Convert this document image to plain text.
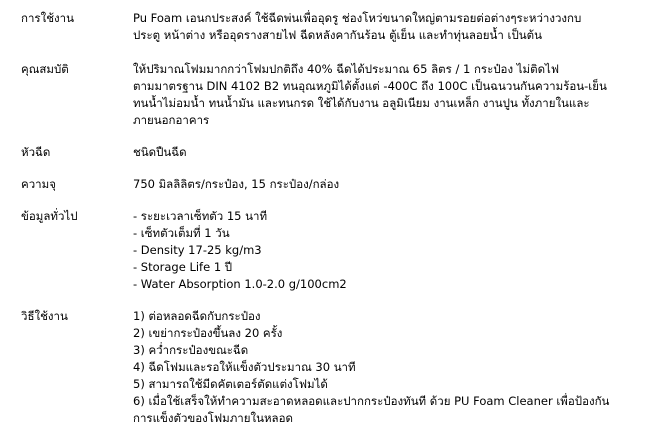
การใช้งาน	Pu Foam เอนกประสงค์ ใช้ฉีดพ่นเพื่ออุดรู ช่องโหว่ขนาดใหญ่ตามรอยต่อต่างๆระหว่างวงกบ
ประตู หน้าต่าง หรืออุดรางสายไฟ ฉีดหลังคากันร้อน ตู้เย็น และทำทุ่นลอยน้ำ เป็นต้น
คุณสมบัติ	ให้ปริมาณโฟมมากกว่าโฟมปกติถึง 40% ฉีดได้ประมาณ 65 ลิตร / 1 กระป๋อง ไม่ติดไฟ
ตามมาตรฐาน DIN 4102 B2 ทนอุณหภูมิได้ตั้งแต่ -400C ถึง 100C เป็นฉนวนกันความร้อน-เย็น
ทนน้ำไม่อมน้ำ ทนน้ำมัน และทนกรด ใช้ได้กับงาน อลูมิเนียม งานเหล็ก งานปูน ทั้งภายในและ
ภายนอกอาคาร
หัวฉีด	ชนิดปืนฉีด
ความจุ	750 มิลลิลิตร/กระป๋อง, 15 กระป๋อง/กล่อง
ข้อมูลทั่วไป	- ระยะเวลาเซ็ทตัว 15 นาที
- เซ็ทตัวเต็มที่ 1 วัน
- Density 17-25 kg/m3
- Storage Life 1 ปี
- Water Absorption 1.0-2.0 g/100cm2
วิธีใช้งาน	1) ต่อหลอดฉีดกับกระป๋อง
2) เขย่ากระป๋องขึ้นลง 20 ครั้ง
3) คว่ำกระป๋องขณะฉีด
4) ฉีดโฟมและรอให้แข็งตัวประมาณ 30 นาที
5) สามารถใช้มีดคัตเตอร์ตัดแต่งโฟมได้
6) เมื่อใช้เสร็จให้ทำความสะอาดหลอดและปากกระป๋องทันที ด้วย PU Foam Cleaner เพื่อป้องกัน
การแข็งตัวของโฟมภายในหลอด
